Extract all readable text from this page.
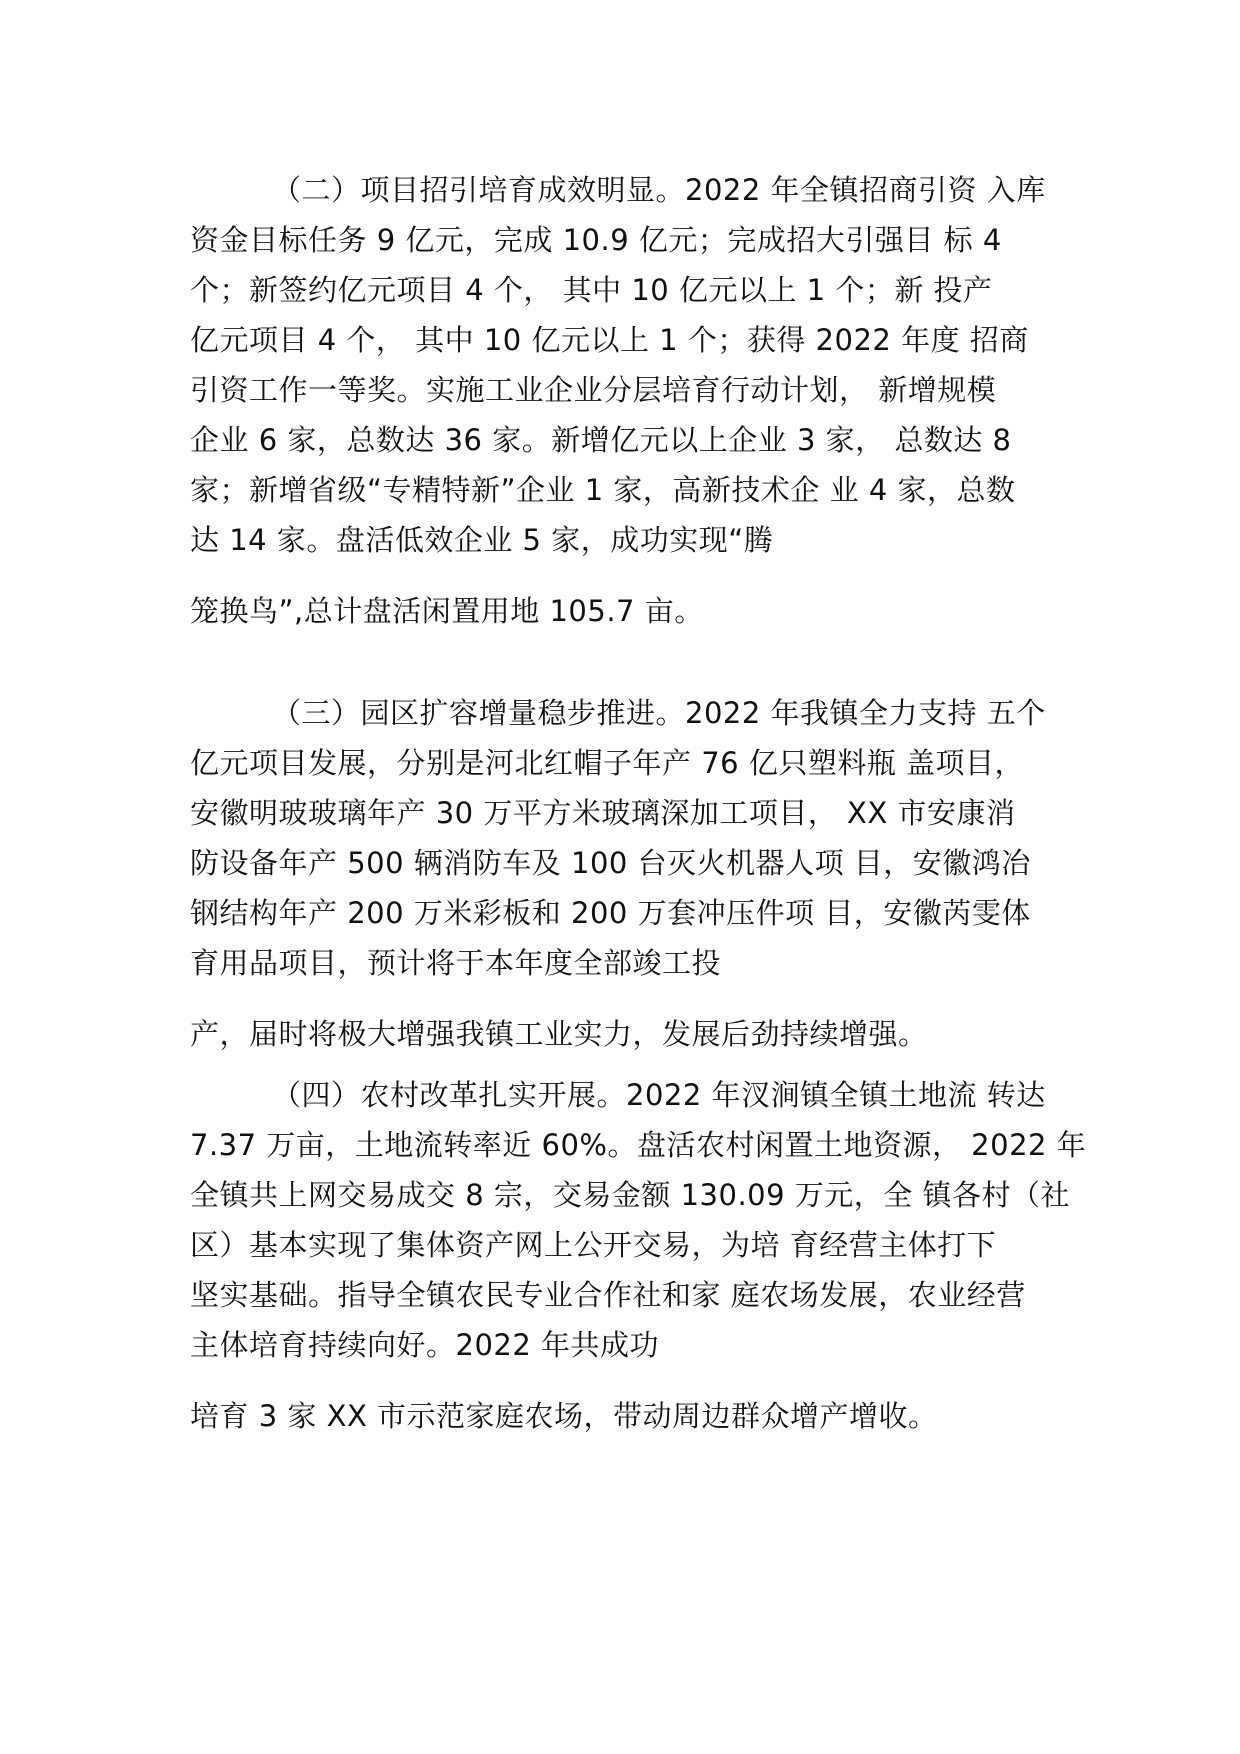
（二）项目招引培育成效明显。2022 年全镇招商引资 入库

资金目标任务 9 亿元，完成 10.9 亿元；完成招大引强目 标 4

个；新签约亿元项目 4 个， 其中 10 亿元以上 1 个；新 投产

亿元项目 4 个， 其中 10 亿元以上 1 个；获得 2022 年度 招商

引资工作一等奖。实施工业企业分层培育行动计划， 新增规模

企业 6 家，总数达 36 家。新增亿元以上企业 3 家， 总数达 8

家；新增省级“专精特新”企业 1 家，高新技术企 业 4 家，总数

达 14 家。盘活低效企业 5 家，成功实现“腾

笼换鸟”,总计盘活闲置用地 105.7 亩。

（三）园区扩容增量稳步推进。2022 年我镇全力支持 五个

亿元项目发展，分别是河北红帽子年产 76 亿只塑料瓶 盖项目，

安徽明玻玻璃年产 30 万平方米玻璃深加工项目， XX 市安康消

防设备年产 500 辆消防车及 100 台灭火机器人项 目，安徽鸿冶

钢结构年产 200 万米彩板和 200 万套冲压件项 目，安徽芮雯体

育用品项目，预计将于本年度全部竣工投

产，届时将极大增强我镇工业实力，发展后劲持续增强。

（四）农村改革扎实开展。2022 年汊涧镇全镇土地流 转达

7.37 万亩，土地流转率近 60%。盘活农村闲置土地资源， 2022 年

全镇共上网交易成交 8 宗，交易金额 130.09 万元，全 镇各村（社

区）基本实现了集体资产网上公开交易，为培 育经营主体打下

坚实基础。指导全镇农民专业合作社和家 庭农场发展，农业经营

主体培育持续向好。2022 年共成功

培育 3 家 XX 市示范家庭农场，带动周边群众增产增收。
